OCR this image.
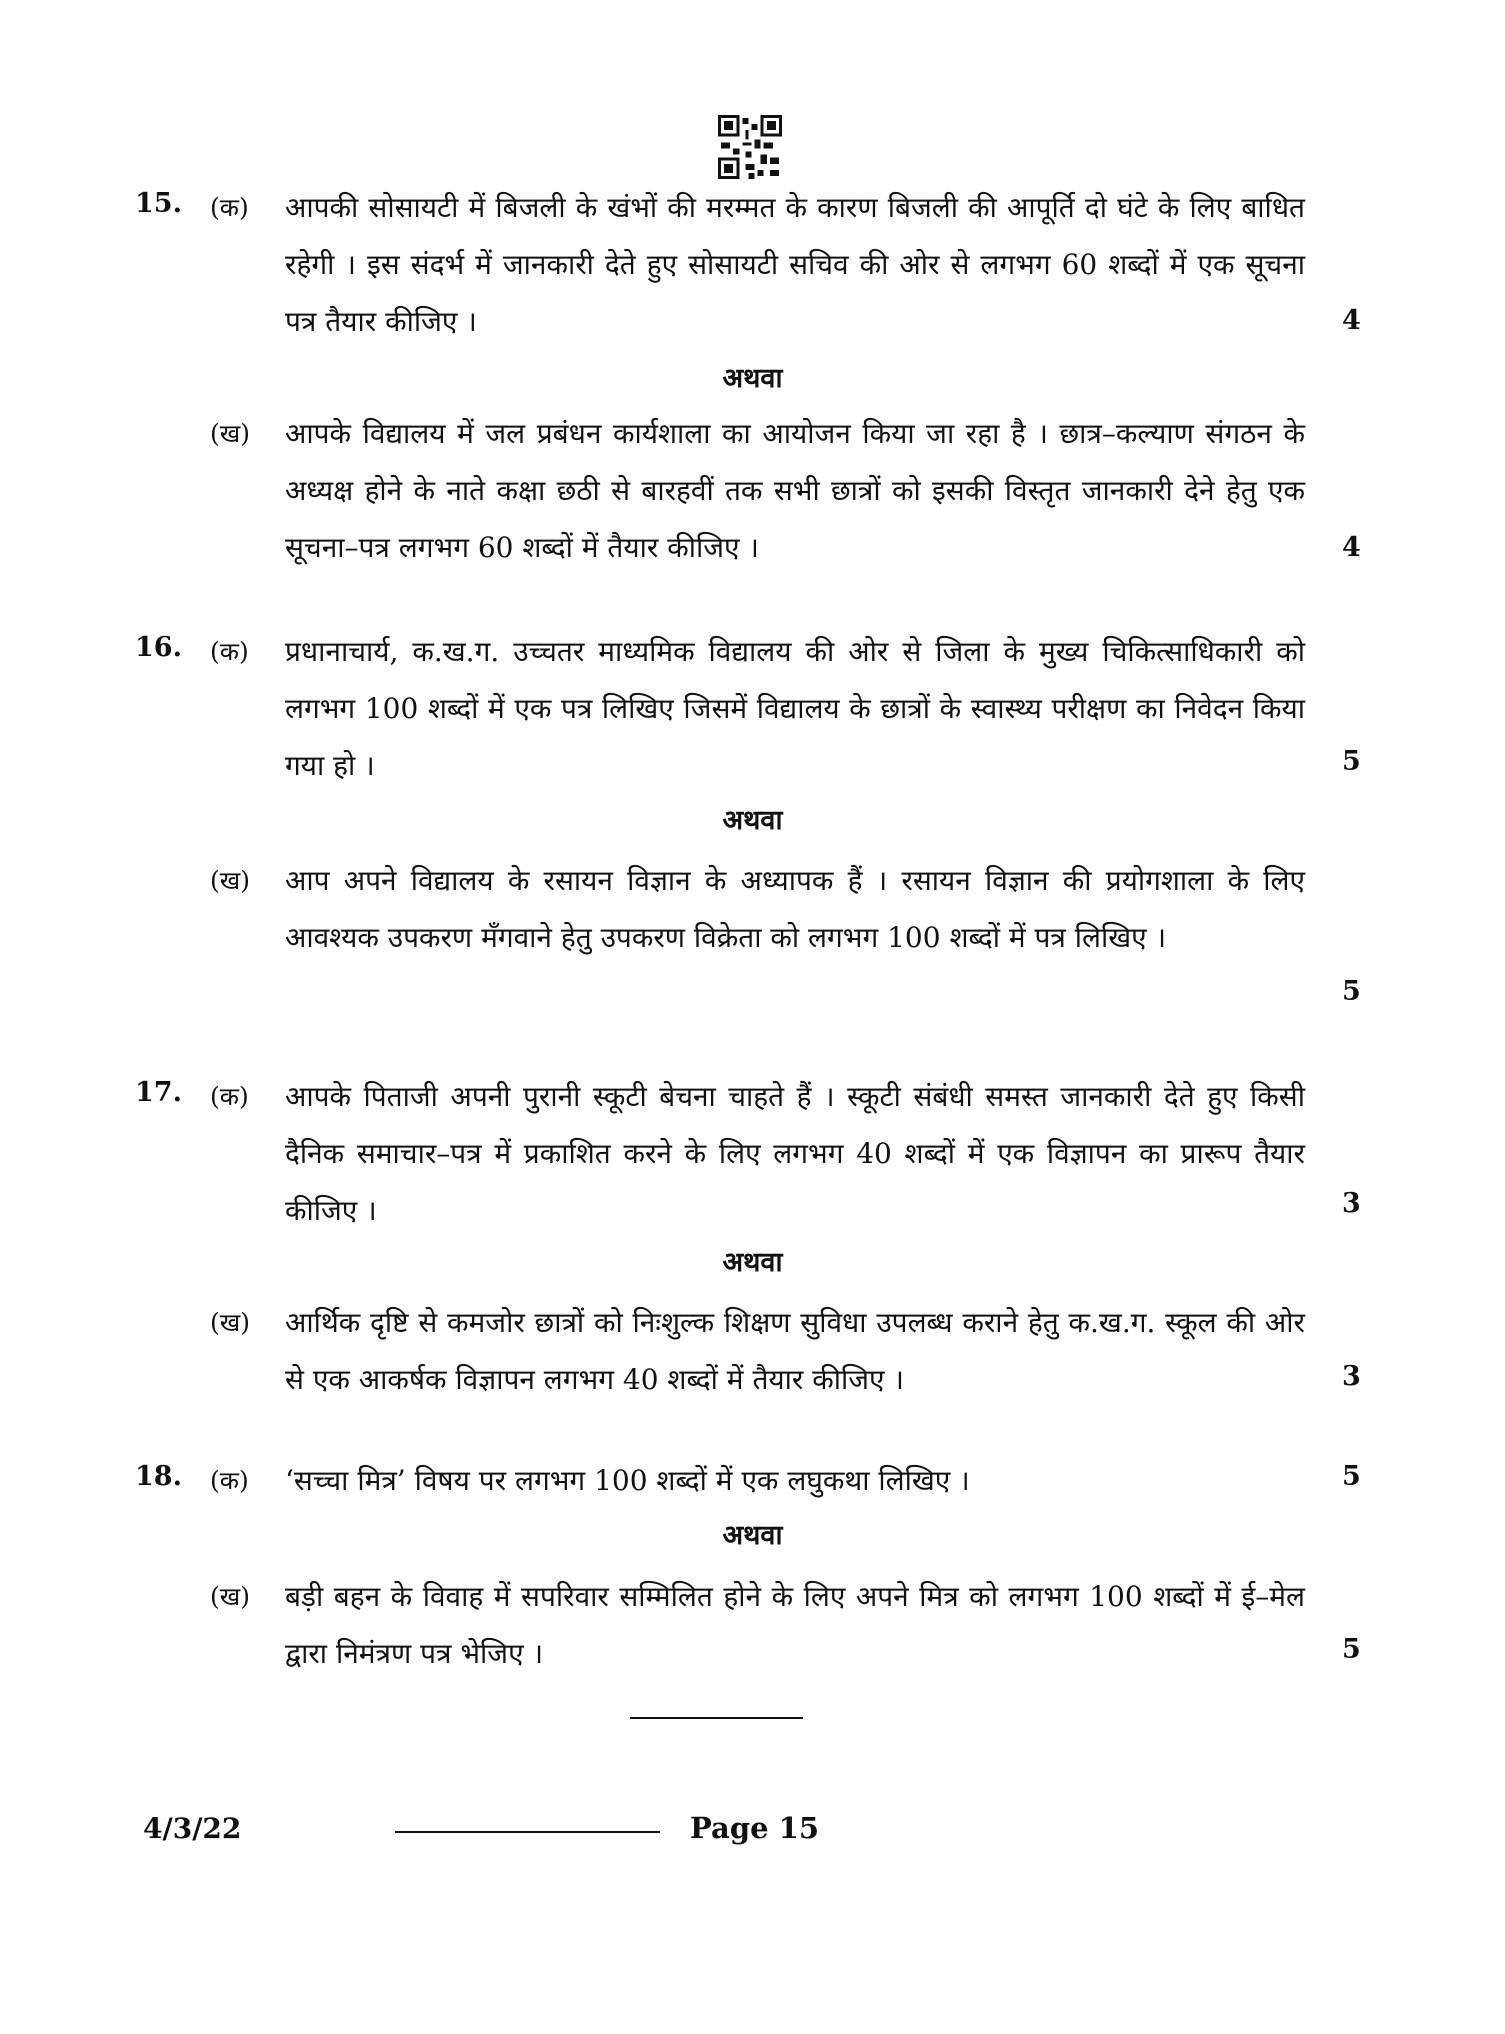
15. (क) आपकी सोसायटी में बिजली के खंभों की मरम्मत के कारण बिजली की आपूर्ति दो घंटे के लिए बाधित रहेगी । इस संदर्भ में जानकारी देते हुए सोसायटी सचिव की ओर से लगभग 60 शब्दों में एक सूचना पत्र तैयार कीजिए ।	4
अथवा
(ख) आपके विद्यालय में जल प्रबंधन कार्यशाला का आयोजन किया जा रहा है । छात्र–कल्याण संगठन के अध्यक्ष होने के नाते कक्षा छठी से बारहवीं तक सभी छात्रों को इसकी विस्तृत जानकारी देने हेतु एक सूचना–पत्र लगभग 60 शब्दों में तैयार कीजिए ।	4
16. (क) प्रधानाचार्य, क.ख.ग. उच्चतर माध्यमिक विद्यालय की ओर से जिला के मुख्य चिकित्साधिकारी को लगभग 100 शब्दों में एक पत्र लिखिए जिसमें विद्यालय के छात्रों के स्वास्थ्य परीक्षण का निवेदन किया गया हो ।	5
अथवा
(ख) आप अपने विद्यालय के रसायन विज्ञान के अध्यापक हैं । रसायन विज्ञान की प्रयोगशाला के लिए आवश्यक उपकरण मँगवाने हेतु उपकरण विक्रेता को लगभग 100 शब्दों में पत्र लिखिए ।
5
17. (क) आपके पिताजी अपनी पुरानी स्कूटी बेचना चाहते हैं । स्कूटी संबंधी समस्त जानकारी देते हुए किसी दैनिक समाचार–पत्र में प्रकाशित करने के लिए लगभग 40 शब्दों में एक विज्ञापन का प्रारूप तैयार कीजिए ।	3
अथवा
(ख) आर्थिक दृष्टि से कमजोर छात्रों को निःशुल्क शिक्षण सुविधा उपलब्ध कराने हेतु क.ख.ग. स्कूल की ओर से एक आकर्षक विज्ञापन लगभग 40 शब्दों में तैयार कीजिए ।	3
18. (क) ‘सच्चा मित्र’ विषय पर लगभग 100 शब्दों में एक लघुकथा लिखिए ।	5
अथवा
(ख) बड़ी बहन के विवाह में सपरिवार सम्मिलित होने के लिए अपने मित्र को लगभग 100 शब्दों में ई–मेल द्वारा निमंत्रण पत्र भेजिए ।	5
4/3/22	Page 15
